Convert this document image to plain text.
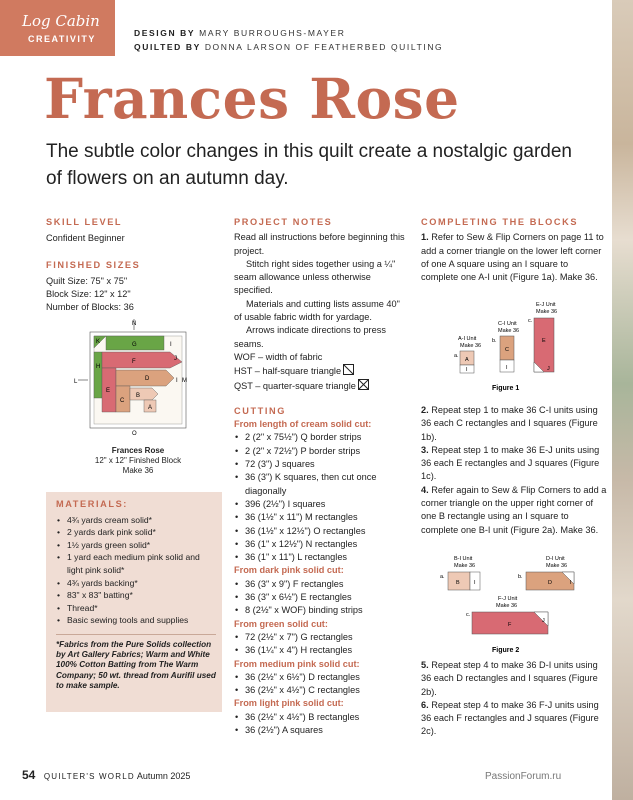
Log Cabin
CREATIVITY
DESIGN BY MARY BURROUGHS-MAYER
QUILTED BY DONNA LARSON OF FEATHERBED QUILTING
Frances Rose
The subtle color changes in this quilt create a nostalgic garden of flowers on an autumn day.
SKILL LEVEL
Confident Beginner
FINISHED SIZES
Quilt Size: 75" x 75"
Block Size: 12" x 12"
Number of Blocks: 36
N
L
O
K	G	I
J
F
I M
D
E
C
B
A
H
Frances Rose
12" x 12" Finished Block
Make 36
MATERIALS:
• 4¾ yards cream solid*
• 2 yards dark pink solid*
• 1½ yards green solid*
• 1 yard each medium pink solid and light pink solid*
• 4¾ yards backing*
• 83" x 83" batting*
• Thread*
• Basic sewing tools and supplies
*Fabrics from the Pure Solids collection by Art Gallery Fabrics; Warm and White 100% Cotton Batting from The Warm Company; 50 wt. thread from Aurifil used to make sample.
PROJECT NOTES
Read all instructions before beginning this project.
Stitch right sides together using a ¼" seam allowance unless otherwise specified.
Materials and cutting lists assume 40" of usable fabric width for yardage.
Arrows indicate directions to press seams.
WOF – width of fabric
HST – half-square triangle
QST – quarter-square triangle
CUTTING
From length of cream solid cut:
• 2 (2" x 75½") Q border strips
• 2 (2" x 72½") P border strips
• 72 (3") J squares
• 36 (3") K squares, then cut once diagonally
• 396 (2½") I squares
• 36 (1½" x 11") M rectangles
• 36 (1½" x 12½") O rectangles
• 36 (1" x 12½") N rectangles
• 36 (1" x 11") L rectangles
From dark pink solid cut:
• 36 (3" x 9") F rectangles
• 36 (3" x 6½") E rectangles
• 8 (2½" x WOF) binding strips
From green solid cut:
• 72 (2½" x 7") G rectangles
• 36 (1¼" x 4") H rectangles
From medium pink solid cut:
• 36 (2½" x 6½") D rectangles
• 36 (2½" x 4½") C rectangles
From light pink solid cut:
• 36 (2½" x 4½") B rectangles
• 36 (2½") A squares
COMPLETING THE BLOCKS
1. Refer to Sew & Flip Corners on page 11 to add a corner triangle on the lower left corner of one A square using an I square to complete one A-I unit (Figure 1a). Make 36.
A-I Unit
Make 36
a.
A
I
C-I Unit
Make 36
b.
C
I
E-J Unit
Make 36
c.
E
J
Figure 1
2. Repeat step 1 to make 36 C-I units using 36 each C rectangles and I squares (Figure 1b).
3. Repeat step 1 to make 36 E-J units using 36 each E rectangles and J squares (Figure 1c).
4. Refer again to Sew & Flip Corners to add a corner triangle on the upper right corner of one B rectangle using an I square to complete one B-I unit (Figure 2a). Make 36.
B-I Unit
Make 36
a.
B	I
D-I Unit
Make 36
b.
D	I
F-J Unit
Make 36
c.
F
J
Figure 2
5. Repeat step 4 to make 36 D-I units using 36 each D rectangles and I squares (Figure 2b).
6. Repeat step 4 to make 36 F-J units using 36 each F rectangles and J squares (Figure 2c).
54 QUILTER'S WORLD Autumn 2025	PassionForum.ru
